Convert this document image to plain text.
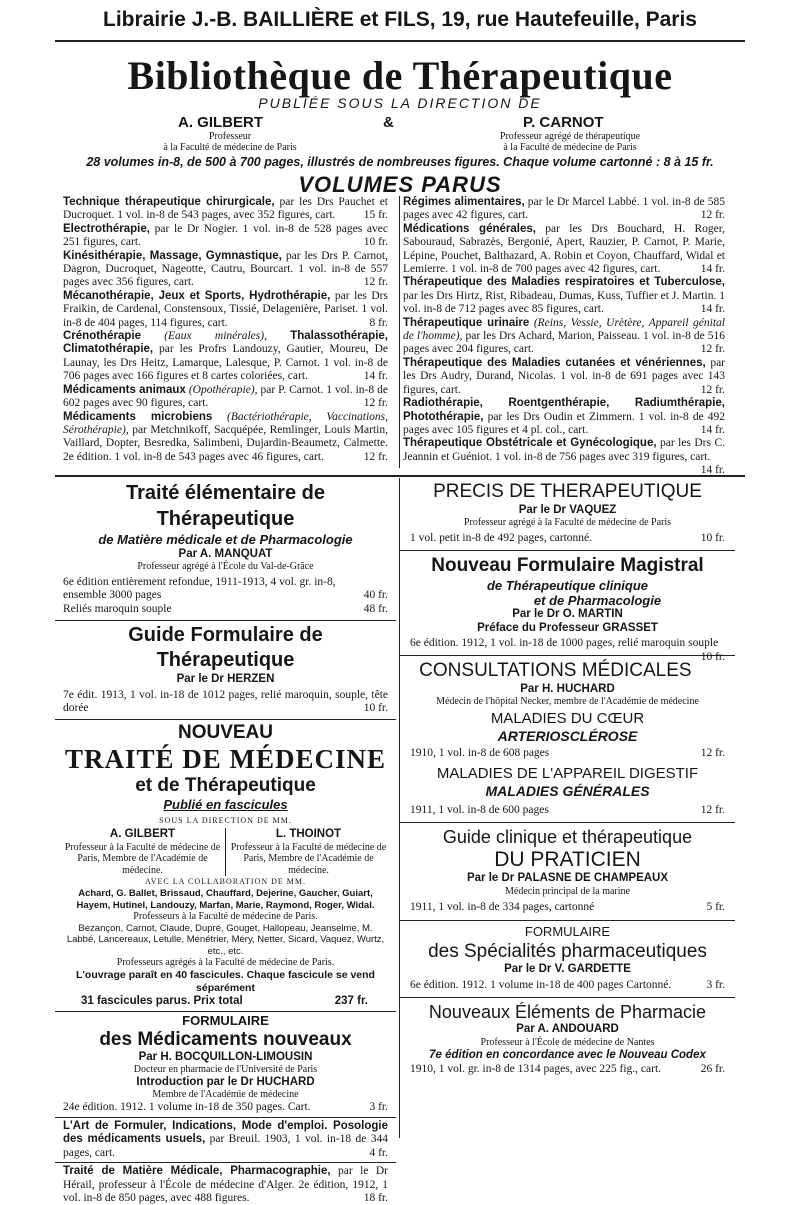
Librairie J.-B. BAILLIÈRE et FILS, 19, rue Hautefeuille, Paris
Bibliothèque de Thérapeutique
PUBLIÉE SOUS LA DIRECTION DE
A. GILBERT	&	P. CARNOT
Professeur
à la Faculté de médecine de Paris
Professeur agrégé de thérapeutique
à la Faculté de médecine de Paris
28 volumes in-8, de 500 à 700 pages, illustrés de nombreuses figures. Chaque volume cartonné : 8 à 15 fr.
VOLUMES PARUS

Technique thérapeutique chirurgicale, par les Drs Pauchet et Ducroquet. 1 vol. in-8 de 543 pages, avec 352 figures, cart. 15 fr.

Electrothérapie, par le Dr Nogier. 1 vol. in-8 de 528 pages avec 251 figures, cart.	10 fr.

Kinésithérapie, Massage, Gymnastique, par les Drs P. Carnot, Dagron, Ducroquet, Nageotte, Cautru, Bourcart. 1 vol. in-8 de 557 pages avec 356 figures, cart.	12 fr.

Mécanothérapie, Jeux et Sports, Hydrothérapie, par les Drs Fraikin, de Cardenal, Constensoux, Tissié, Delagenière, Pariset. 1 vol. in-8 de 404 pages, 114 figures, cart.	8 fr.

Crénothérapie (Eaux minérales), Thalassothérapie, Climatothérapie, par les Profrs Landouzy, Gautier, Moureu, De Launay, les Drs Heitz, Lamarque, Lalesque, P. Carnot. 1 vol. in-8 de 706 pages avec 166 figures et 8 cartes coloriées, cart.	14 fr.

Médicaments animaux (Opothérapie), par P. Carnot. 1 vol. in-8 de 602 pages avec 90 figures, cart.	12 fr.

Médicaments microbiens (Bactériothérapie, Vaccinations, Sérothérapie), par Metchnikoff, Sacquépée, Remlinger, Louis Martin, Vaillard, Dopter, Besredka, Salimbeni, Dujardin-Beaumetz, Calmette. 2e édition. 1 vol. in-8 de 543 pages avec 46 figures, cart.	12 fr.

Régimes alimentaires, par le Dr Marcel Labbé. 1 vol. in-8 de 585 pages avec 42 figures, cart.	12 fr.

Médications générales, par les Drs Bouchard, H. Roger, Sabouraud, Sabrazès, Bergonié, Apert, Rauzier, P. Carnot, P. Marie, Lépine, Pouchet, Balthazard, A. Robin et Coyon, Chauffard, Widal et Lemierre. 1 vol. in-8 de 700 pages avec 42 figures, cart.	14 fr.

Thérapeutique des Maladies respiratoires et Tuberculose, par les Drs Hirtz, Rist, Ribadeau, Dumas, Kuss, Tuffier et J. Martin. 1 vol. in-8 de 712 pages avec 85 figures, cart.	14 fr.

Thérapeutique urinaire (Reins, Vessie, Urètère, Appareil génital de l'homme), par les Drs Achard, Marion, Paisseau. 1 vol. in-8 de 516 pages avec 204 figures, cart.	12 fr.

Thérapeutique des Maladies cutanées et vénériennes, par les Drs Audry, Durand, Nicolas. 1 vol. in-8 de 691 pages avec 143 figures, cart.	12 fr.

Radiothérapie, Roentgenthérapie, Radiumthérapie, Photothérapie, par les Drs Oudin et Zimmern. 1 vol. in-8 de 492 pages avec 105 figures et 4 pl. col., cart.	14 fr.

Thérapeutique Obstétricale et Gynécologique, par les Drs C. Jeannin et Guéniot. 1 vol. in-8 de 756 pages avec 319 figures, cart.
14 fr.

Traité élémentaire de Thérapeutique
de Matière médicale et de Pharmacologie
Par A. MANQUAT
Professeur agrégé à l'École du Val-de-Grâce
6e édition entièrement refondue, 1911-1913, 4 vol. gr. in-8,
ensemble 3000 pages	40 fr.
Reliés maroquin souple	48 fr.
Guide Formulaire de Thérapeutique
Par le Dr HERZEN
7e édit. 1913, 1 vol. in-18 de 1012 pages, relié maroquin, souple, tête dorée	10 fr.
NOUVEAU
TRAITÉ DE MÉDECINE
et de Thérapeutique
Publié en fascicules
SOUS LA DIRECTION DE MM.
A. GILBERT
Professeur à la Faculté de médecine de Paris, Membre de l'Académie de médecine.
L. THOINOT
Professeur à la Faculté de médecine de Paris, Membre de l'Académie de médecine.
AVEC LA COLLABORATION DE MM.
Achard, G. Ballet, Brissaud, Chauffard, Dejerine, Gaucher, Guiart, Hayem, Hutinel, Landouzy, Marfan, Marie, Raymond, Roger, Widal.
Professeurs à la Faculté de médecine de Paris.
Bezançon, Carnot, Claude, Dupré, Gouget, Hallopeau, Jeanselme, M. Labbé, Lancereaux, Letulle, Ménétrier, Méry, Netter, Sicard, Vaquez, Wurtz, etc., etc.
Professeurs agrégés à la Faculté de médecine de Paris.
L'ouvrage paraît en 40 fascicules. Chaque fascicule se vend séparément
31 fascicules parus. Prix total	237 fr.
FORMULAIRE
des Médicaments nouveaux
Par H. BOCQUILLON-LIMOUSIN
Docteur en pharmacie de l'Université de Paris
Introduction par le Dr HUCHARD
Membre de l'Académie de médecine
24e édition. 1912. 1 volume in-18 de 350 pages. Cart.	3 fr.
L'Art de Formuler, Indications, Mode d'emploi. Posologie des médicaments usuels, par Breuil. 1903, 1 vol. in-18 de 344 pages, cart.	4 fr.
Traité de Matière Médicale, Pharmacographie, par le Dr Hérail, professeur à l'École de médecine d'Alger. 2e édition, 1912, 1 vol. in-8 de 850 pages, avec 488 figures.	18 fr.
PRECIS DE THERAPEUTIQUE
Par le Dr VAQUEZ
Professeur agrégé à la Faculté de médecine de Paris
1 vol. petit in-8 de 492 pages, cartonné.	10 fr.
Nouveau Formulaire Magistral
de Thérapeutique clinique
et de Pharmacologie
Par le Dr O. MARTIN
Préface du Professeur GRASSET
6e édition. 1912, 1 vol. in-18 de 1000 pages, relié maroquin souple
10 fr.
CONSULTATIONS MÉDICALES
Par H. HUCHARD
Médecin de l'hôpital Necker, membre de l'Académie de médecine
MALADIES DU CŒUR
ARTERIOSCLÉROSE
1910, 1 vol. in-8 de 608 pages	12 fr.
MALADIES DE L'APPAREIL DIGESTIF
MALADIES GÉNÉRALES
1911, 1 vol. in-8 de 600 pages	12 fr.
Guide clinique et thérapeutique
DU PRATICIEN
Par le Dr PALASNE DE CHAMPEAUX
Médecin principal de la marine
1911, 1 vol. in-8 de 334 pages, cartonné	5 fr.
FORMULAIRE
des Spécialités pharmaceutiques
Par le Dr V. GARDETTE
6e édition. 1912. 1 volume in-18 de 400 pages Cartonné.	3 fr.
Nouveaux Éléments de Pharmacie
Par A. ANDOUARD
Professeur à l'École de médecine de Nantes
7e édition en concordance avec le Nouveau Codex
1910, 1 vol. gr. in-8 de 1314 pages, avec 225 fig., cart.	26 fr.
